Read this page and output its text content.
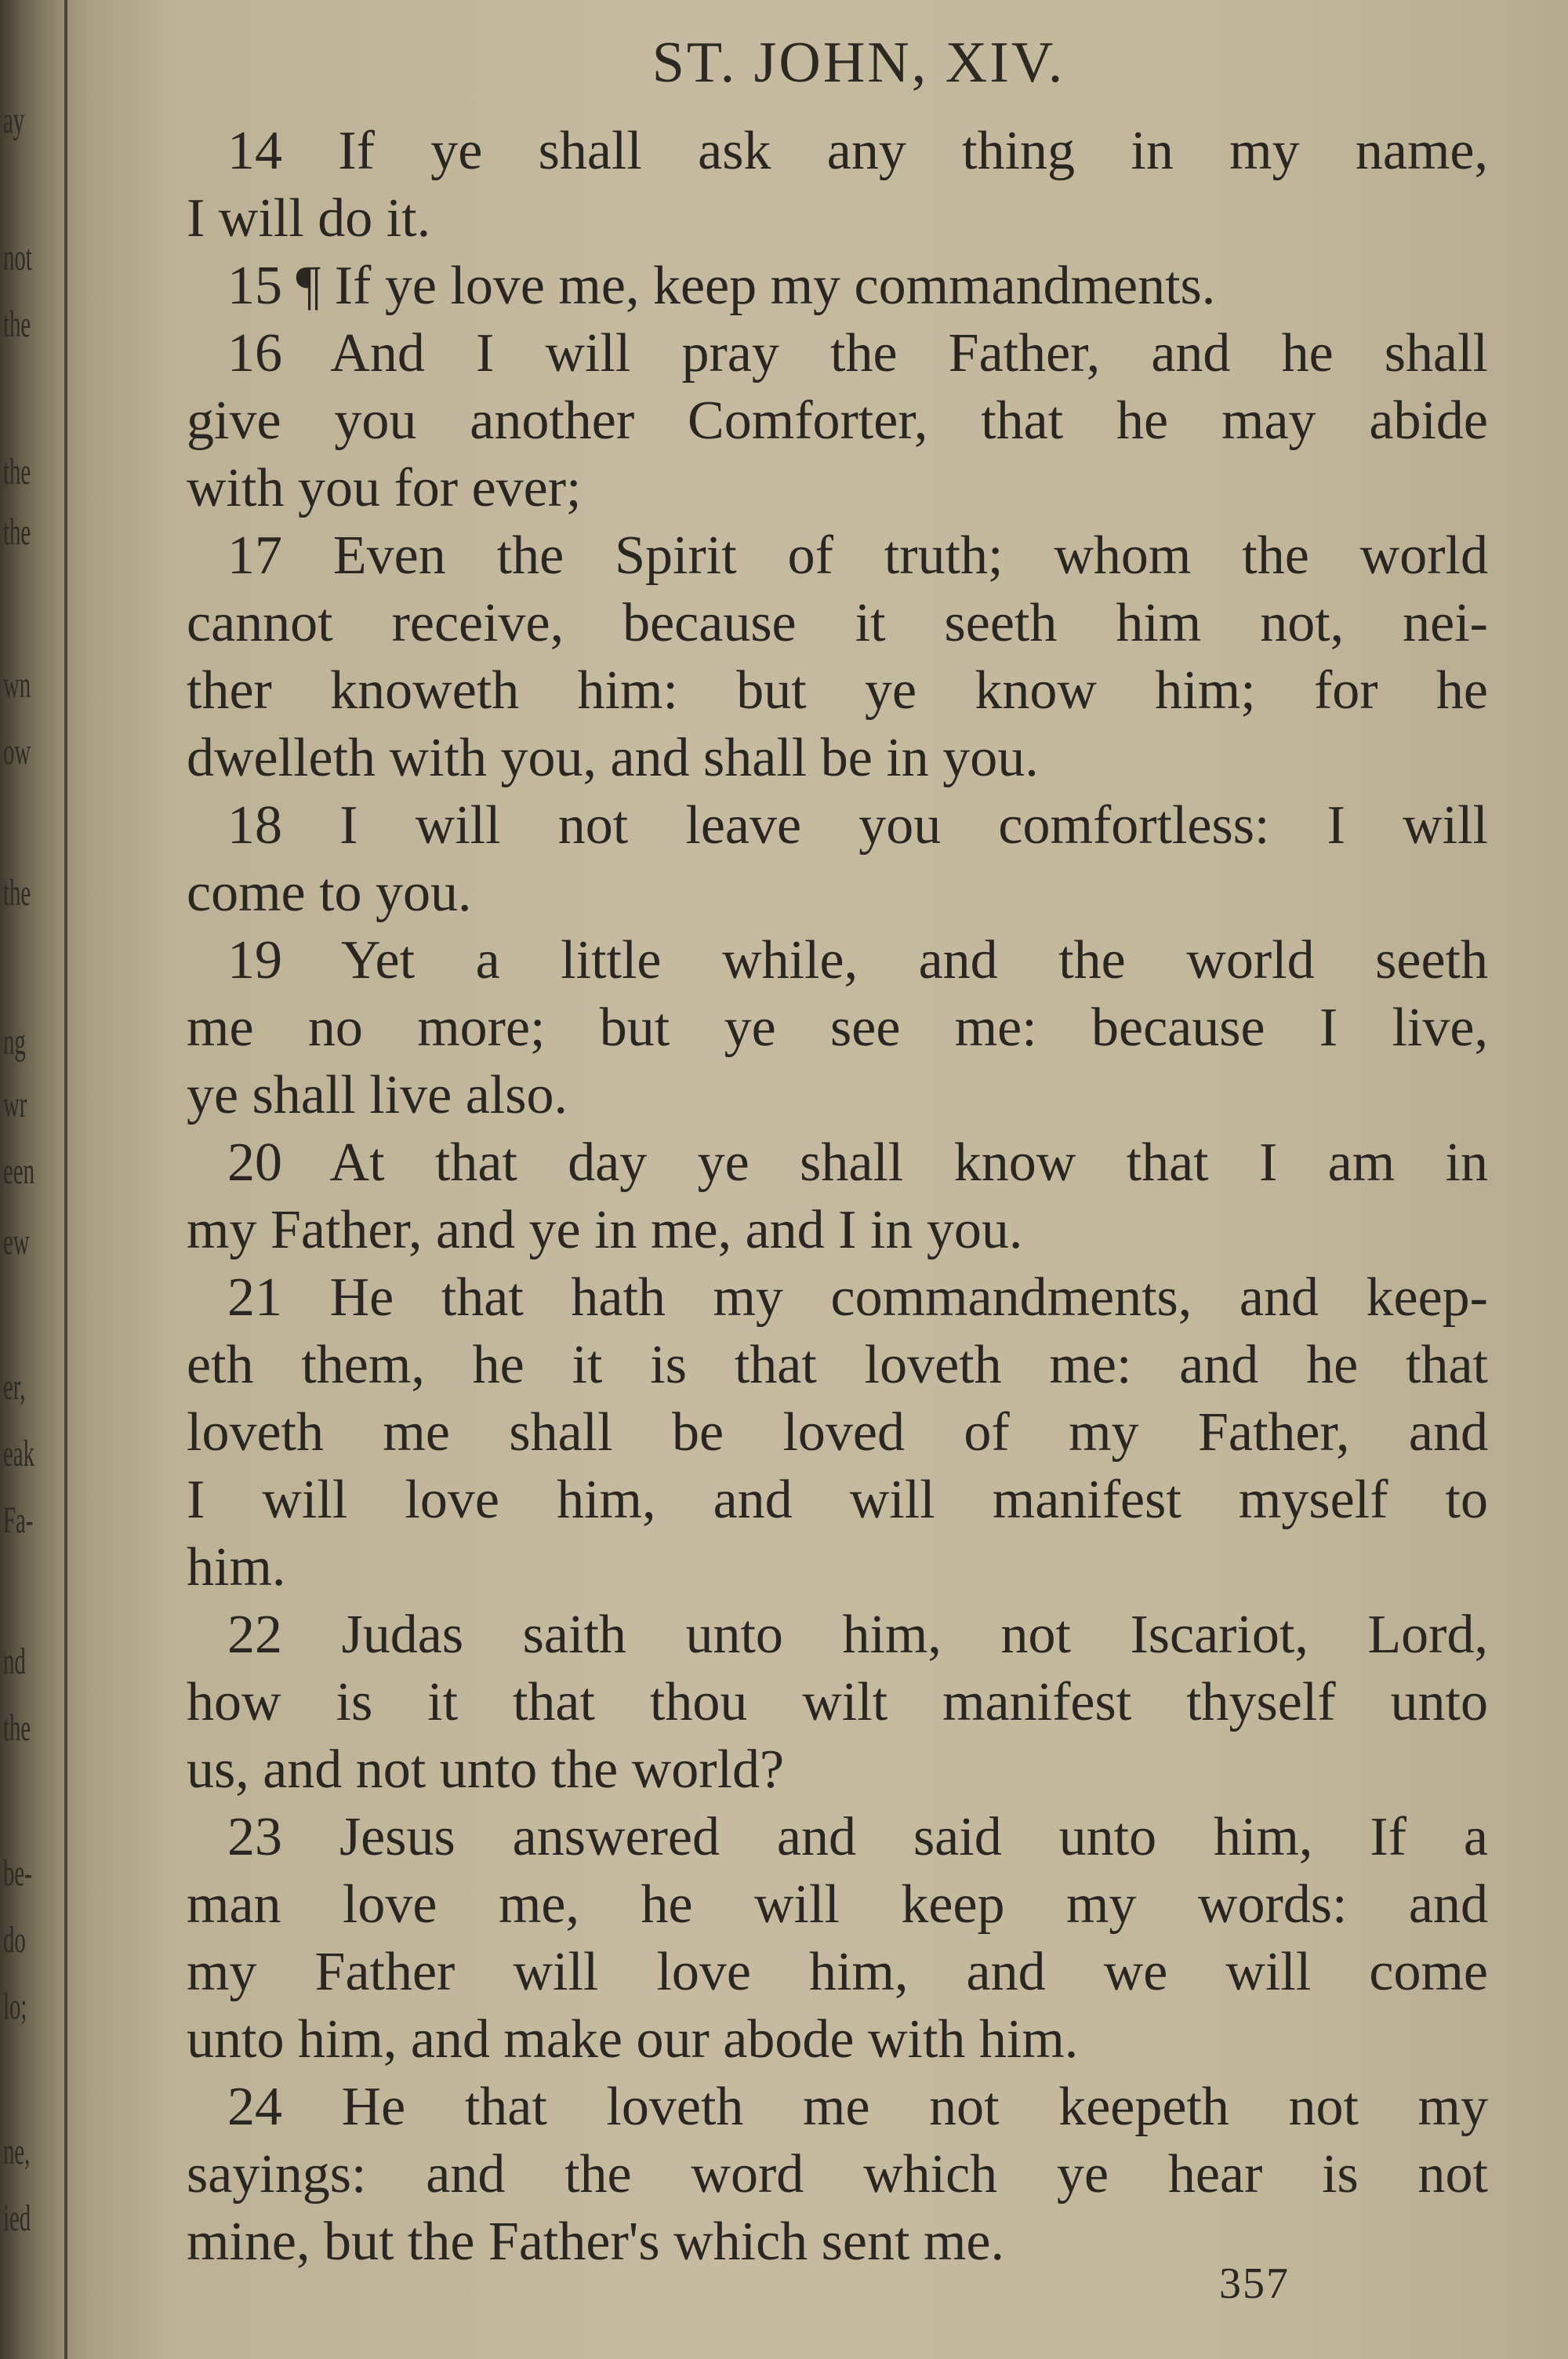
ay
not
the
the
the
wn
ow
the
ng
wr
een
ew
er,
eak
Fa-
nd
the
be-
do
lo;
ne,
ied
ST. JOHN, XIV.
14 If ye shall ask any thing in my name,
I will do it.
15 ¶ If ye love me, keep my commandments.
16 And I will pray the Father, and he shall
give you another Comforter, that he may abide
with you for ever;
17 Even the Spirit of truth; whom the world
cannot receive, because it seeth him not, nei-
ther knoweth him: but ye know him; for he
dwelleth with you, and shall be in you.
18 I will not leave you comfortless: I will
come to you.
19 Yet a little while, and the world seeth
me no more; but ye see me: because I live,
ye shall live also.
20 At that day ye shall know that I am in
my Father, and ye in me, and I in you.
21 He that hath my commandments, and keep-
eth them, he it is that loveth me: and he that
loveth me shall be loved of my Father, and
I will love him, and will manifest myself to
him.
22 Judas saith unto him, not Iscariot, Lord,
how is it that thou wilt manifest thyself unto
us, and not unto the world?
23 Jesus answered and said unto him, If a
man love me, he will keep my words: and
my Father will love him, and we will come
unto him, and make our abode with him.
24 He that loveth me not keepeth not my
sayings: and the word which ye hear is not
mine, but the Father's which sent me.
357
